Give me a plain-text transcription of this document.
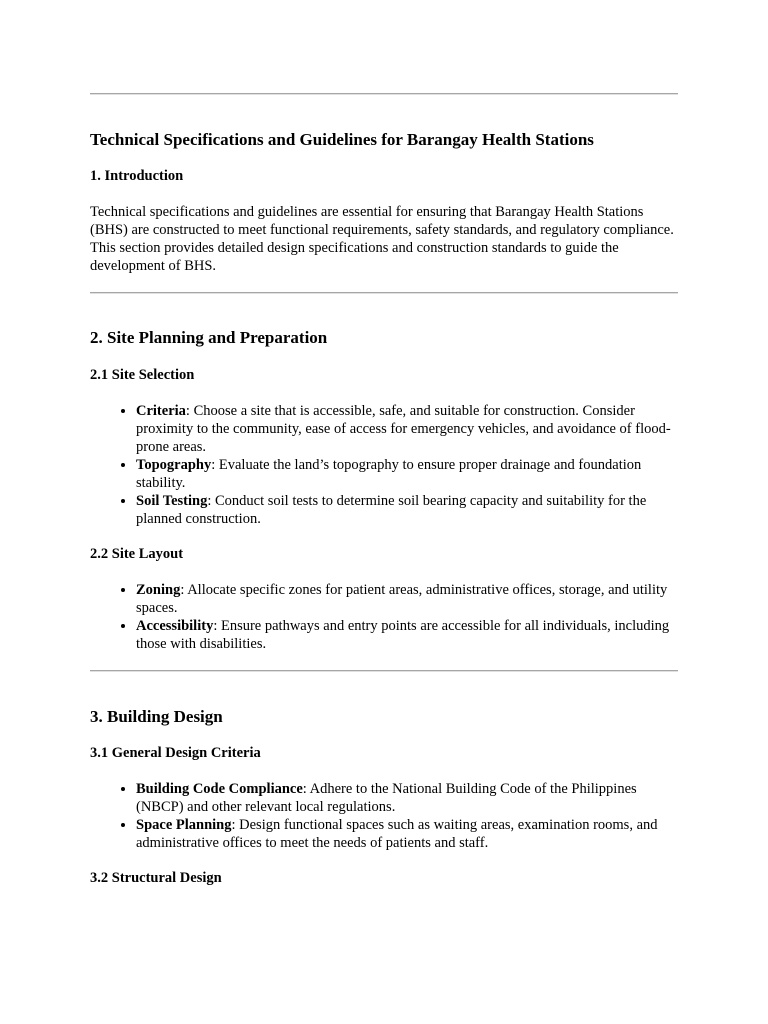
Technical Specifications and Guidelines for Barangay Health Stations
1. Introduction

Technical specifications and guidelines are essential for ensuring that Barangay Health Stations (BHS) are constructed to meet functional requirements, safety standards, and regulatory compliance. This section provides detailed design specifications and construction standards to guide the development of BHS.

2. Site Planning and Preparation
2.1 Site Selection
• Criteria: Choose a site that is accessible, safe, and suitable for construction. Consider proximity to the community, ease of access for emergency vehicles, and avoidance of flood-prone areas.
• Topography: Evaluate the land’s topography to ensure proper drainage and foundation stability.
• Soil Testing: Conduct soil tests to determine soil bearing capacity and suitability for the planned construction.
2.2 Site Layout
• Zoning: Allocate specific zones for patient areas, administrative offices, storage, and utility spaces.
• Accessibility: Ensure pathways and entry points are accessible for all individuals, including those with disabilities.
3. Building Design
3.1 General Design Criteria
• Building Code Compliance: Adhere to the National Building Code of the Philippines (NBCP) and other relevant local regulations.
• Space Planning: Design functional spaces such as waiting areas, examination rooms, and administrative offices to meet the needs of patients and staff.
3.2 Structural Design
